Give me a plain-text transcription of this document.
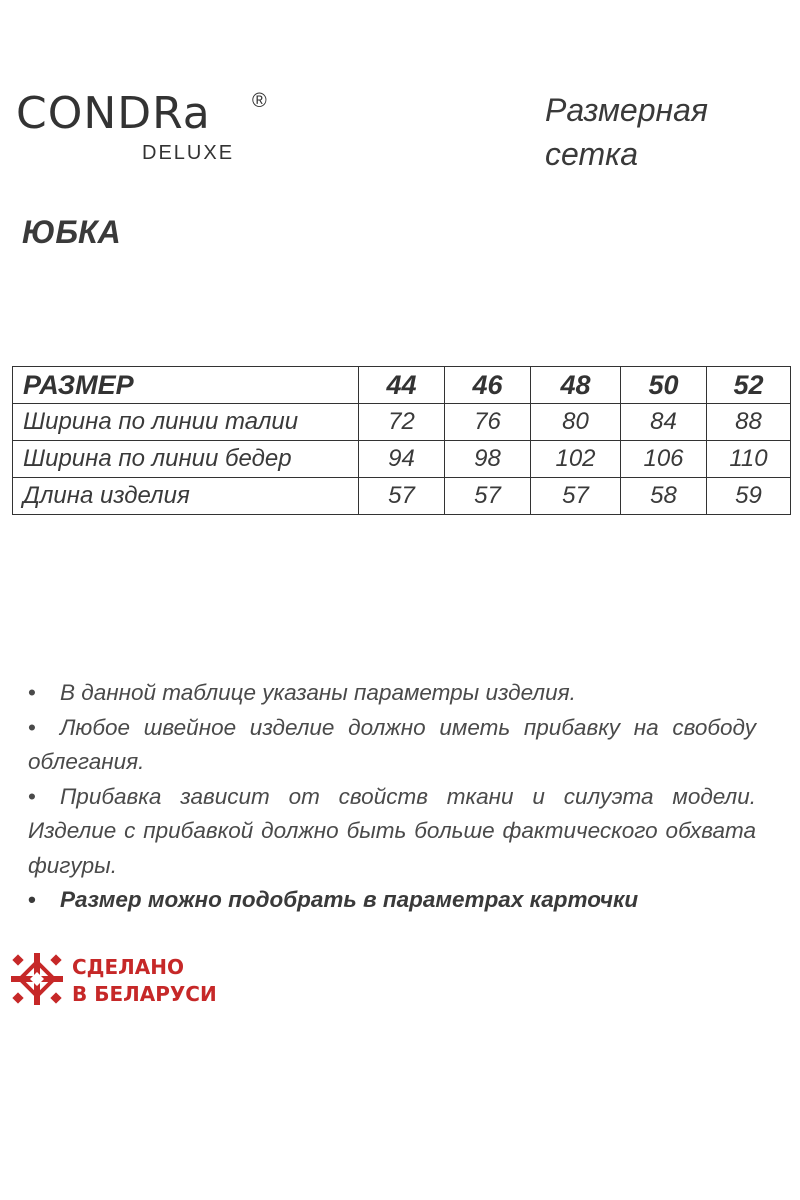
CONDRa	®
DELUXE
Размерная
сетка
ЮБКА
РАЗМЕР	44	46	48	50	52
Ширина по линии талии	72	76	80	84	88
Ширина по линии бедер	94	98	102	106	110
Длина изделия	57	57	57	58	59

• В данной таблице указаны параметры изделия.

• Любое швейное изделие должно иметь прибавку на свободу облегания.

• Прибавка зависит от свойств ткани и силуэта модели. Изделие с прибавкой должно быть больше фактического обхвата фигуры.

• Размер можно подобрать в параметрах карточки

СДЕЛАНО
В БЕЛАРУСИ
